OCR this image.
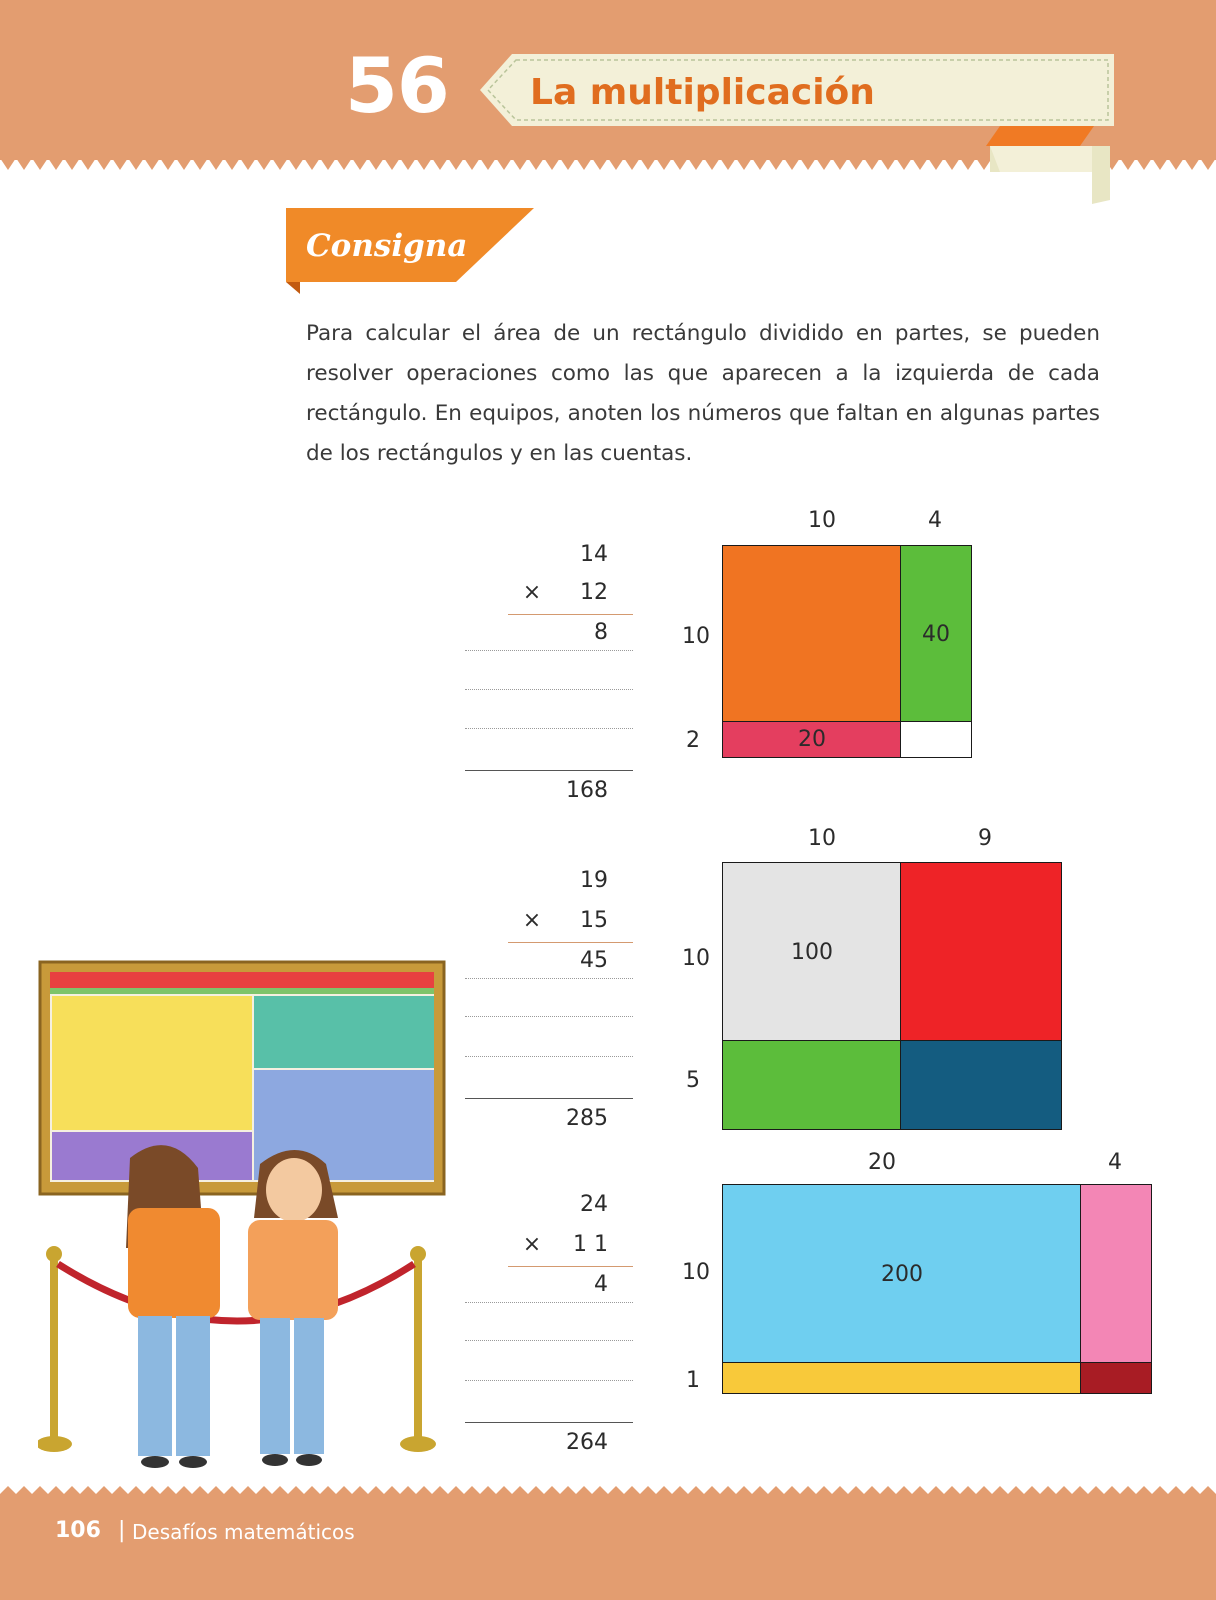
56 La multiplicación
Consigna
Para calcular el área de un rectángulo dividido en partes, se pueden resolver operaciones como las que aparecen a la izquierda de cada rectángulo. En equipos, anoten los números que faltan en algunas partes de los rectángulos y en las cuentas.
14
×	12
8
168
10	4
10
2
40
20
19
×	15
45
285
10	9
10
5
100
24
×	1 1
4
264
20	4
10
1
200
106 | Desafíos matemáticos
